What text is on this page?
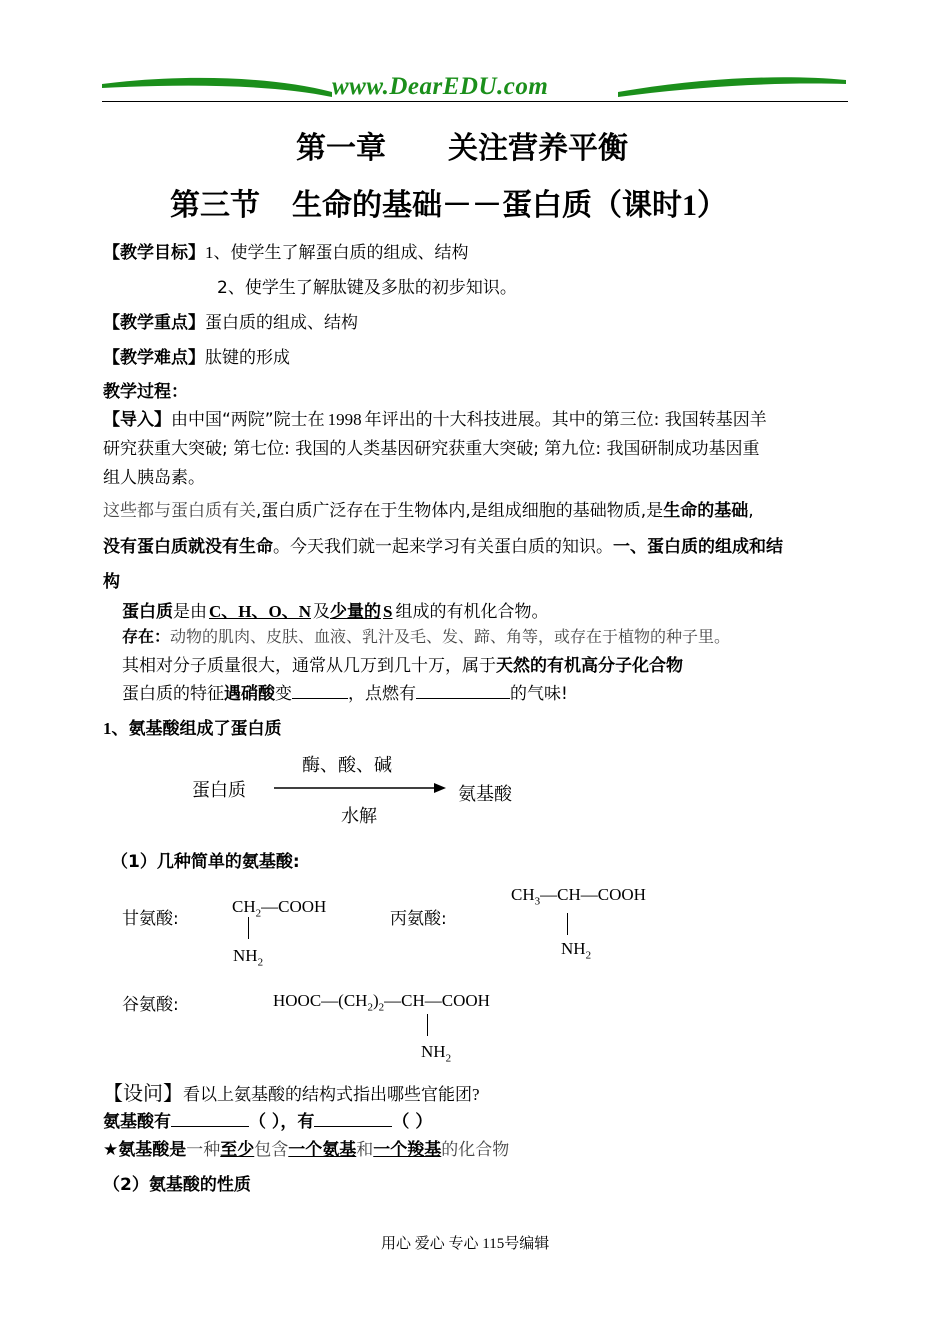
www.DearEDU.com
第一章 关注营养平衡
第三节 生命的基础－－蛋白质（课时1）
【教学目标】1、使学生了解蛋白质的组成、结构
2、使学生了解肽键及多肽的初步知识。
【教学重点】蛋白质的组成、结构
【教学难点】肽键的形成
教学过程：
【导入】由中国“两院”院士在 1998 年评出的十大科技进展。其中的第三位: 我国转基因羊
研究获重大突破; 第七位: 我国的人类基因研究获重大突破; 第九位: 我国研制成功基因重
组人胰岛素。
这些都与蛋白质有关,蛋白质广泛存在于生物体内,是组成细胞的基础物质,是生命的基础,
没有蛋白质就没有生命。今天我们就一起来学习有关蛋白质的知识。一、蛋白质的组成和结
构
蛋白质是由 C、H、O、N 及少量的 S 组成的有机化合物。
存在：动物的肌肉、皮肤、血液、乳汁及毛、发、蹄、角等，或存在于植物的种子里。
其相对分子质量很大，通常从几万到几十万，属于天然的有机高分子化合物
蛋白质的特征遇硝酸变	，点燃有	的气味!
1、氨基酸组成了蛋白质
酶、酸、碱
蛋白质	氨基酸
水解
（1）几种简单的氨基酸:
甘氨酸:
$CH_2—COOH$
$NH_2$
丙氨酸:
$CH_3—CH—COOH$
$NH_2$
谷氨酸:	$HOOC—(CH_2)_2—CH—COOH$
$NH_2$
【设问】看以上氨基酸的结构式指出哪些官能团?
氨基酸有	（ ），有	（ ）
★氨基酸是一种至少包含一个氨基和一个羧基的化合物
（2）氨基酸的性质
用心 爱心 专心 115号编辑
